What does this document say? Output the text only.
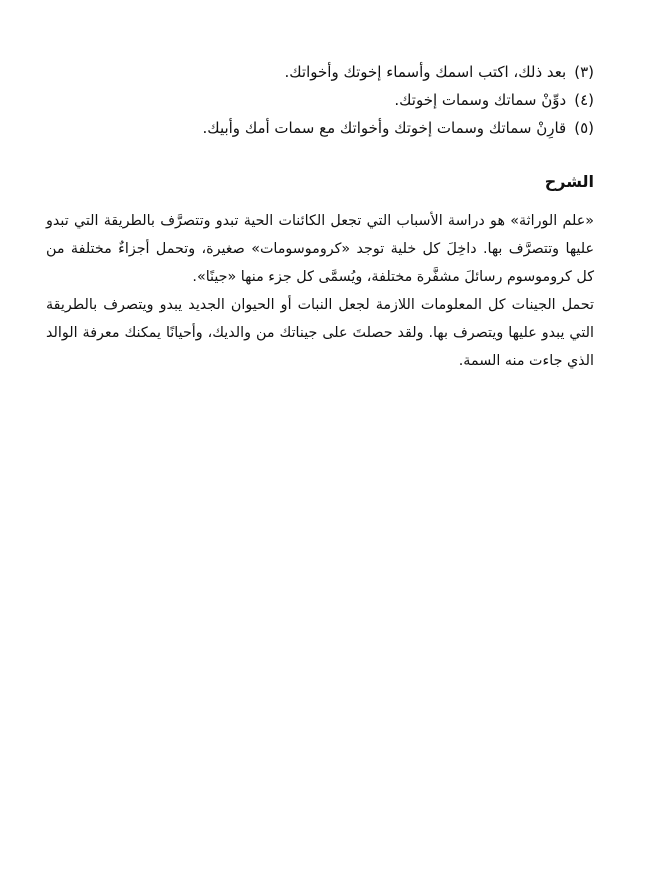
(٣)
بعد ذلك، اكتب اسمك وأسماء إخوتك وأخواتك.
(٤)
دوِّنْ سماتك وسمات إخوتك.
(٥)
قارِنْ سماتك وسمات إخوتك وأخواتك مع سمات أمك وأبيك.
الشرح

«علم الوراثة» هو دراسة الأسباب التي تجعل الكائنات الحية تبدو وتتصرَّف بالطريقة التي تبدو عليها وتتصرَّف بها. داخِلَ كل خلية توجد «كروموسومات» صغيرة، وتحمل أجزاءٌ مختلفة من كل كروموسوم رسائلَ مشفَّرة مختلفة، ويُسمَّى كل جزء منها «جينًا».

تحمل الجينات كل المعلومات اللازمة لجعل النبات أو الحيوان الجديد يبدو ويتصرف بالطريقة التي يبدو عليها ويتصرف بها. ولقد حصلتَ على جيناتك من والديك، وأحيانًا يمكنك معرفة الوالد الذي جاءت منه السمة.
